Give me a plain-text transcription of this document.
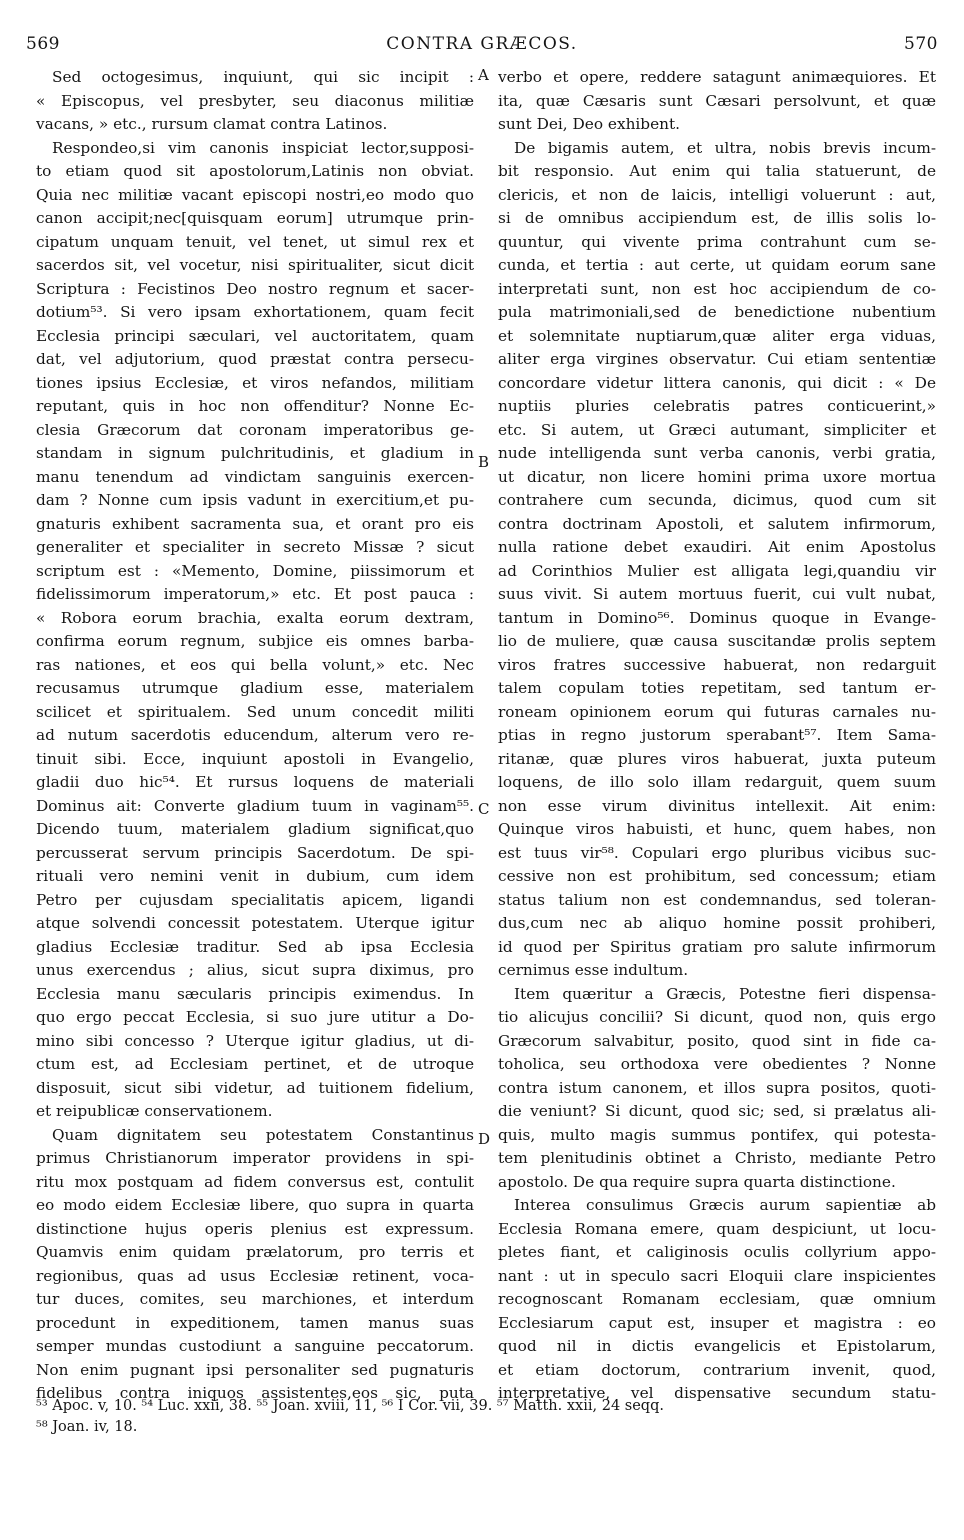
569	CONTRA GRÆCOS.	570
A
B
C
D
Sed octogesimus, inquiunt, qui sic incipit :
« Episcopus, vel presbyter, seu diaconus militiæ
vacans, » etc., rursum clamat contra Latinos.
Respondeo,si vim canonis inspiciat lector,supposi-
to etiam quod sit apostolorum,Latinis non obviat.
Quia nec militiæ vacant episcopi nostri,eo modo quo
canon accipit;nec[quisquam eorum] utrumque prin-
cipatum unquam tenuit, vel tenet, ut simul rex et
sacerdos sit, vel vocetur, nisi spiritualiter, sicut dicit
Scriptura : Fecistinos Deo nostro regnum et sacer-
dotium⁵³. Si vero ipsam exhortationem, quam fecit
Ecclesia principi sæculari, vel auctoritatem, quam
dat, vel adjutorium, quod præstat contra persecu-
tiones ipsius Ecclesiæ, et viros nefandos, militiam
reputant, quis in hoc non offenditur? Nonne Ec-
clesia Græcorum dat coronam imperatoribus ge-
standam in signum pulchritudinis, et gladium in
manu tenendum ad vindictam sanguinis exercen-
dam ? Nonne cum ipsis vadunt in exercitium,et pu-
gnaturis exhibent sacramenta sua, et orant pro eis
generaliter et specialiter in secreto Missæ ? sicut
scriptum est : «Memento, Domine, piissimorum et
fidelissimorum imperatorum,» etc. Et post pauca :
« Robora eorum brachia, exalta eorum dextram,
confirma eorum regnum, subjice eis omnes barba-
ras nationes, et eos qui bella volunt,» etc. Nec
recusamus utrumque gladium esse, materialem
scilicet et spiritualem. Sed unum concedit militi
ad nutum sacerdotis educendum, alterum vero re-
tinuit sibi. Ecce, inquiunt apostoli in Evangelio,
gladii duo hic⁵⁴. Et rursus loquens de materiali
Dominus ait: Converte gladium tuum in vaginam⁵⁵.
Dicendo tuum, materialem gladium significat,quo
percusserat servum principis Sacerdotum. De spi-
rituali vero nemini venit in dubium, cum idem
Petro per cujusdam specialitatis apicem, ligandi
atque solvendi concessit potestatem. Uterque igitur
gladius Ecclesiæ traditur. Sed ab ipsa Ecclesia
unus exercendus ; alius, sicut supra diximus, pro
Ecclesia manu sæcularis principis eximendus. In
quo ergo peccat Ecclesia, si suo jure utitur a Do-
mino sibi concesso ? Uterque igitur gladius, ut di-
ctum est, ad Ecclesiam pertinet, et de utroque
disposuit, sicut sibi videtur, ad tuitionem fidelium,
et reipublicæ conservationem.
Quam dignitatem seu potestatem Constantinus
primus Christianorum imperator providens in spi-
ritu mox postquam ad fidem conversus est, contulit
eo modo eidem Ecclesiæ libere, quo supra in quarta
distinctione hujus operis plenius est expressum.
Quamvis enim quidam prælatorum, pro terris et
regionibus, quas ad usus Ecclesiæ retinent, voca-
tur duces, comites, seu marchiones, et interdum
procedunt in expeditionem, tamen manus suas
semper mundas custodiunt a sanguine peccatorum.
Non enim pugnant ipsi personaliter sed pugnaturis
fidelibus contra iniquos assistentes,eos sic, puta
verbo et opere, reddere satagunt animæquiores. Et
ita, quæ Cæsaris sunt Cæsari persolvunt, et quæ
sunt Dei, Deo exhibent.
De bigamis autem, et ultra, nobis brevis incum-
bit responsio. Aut enim qui talia statuerunt, de
clericis, et non de laicis, intelligi voluerunt : aut,
si de omnibus accipiendum est, de illis solis lo-
quuntur, qui vivente prima contrahunt cum se-
cunda, et tertia : aut certe, ut quidam eorum sane
interpretati sunt, non est hoc accipiendum de co-
pula matrimoniali,sed de benedictione nubentium
et solemnitate nuptiarum,quæ aliter erga viduas,
aliter erga virgines observatur. Cui etiam sententiæ
concordare videtur littera canonis, qui dicit : « De
nuptiis pluries celebratis patres conticuerint,»
etc. Si autem, ut Græci autumant, simpliciter et
nude intelligenda sunt verba canonis, verbi gratia,
ut dicatur, non licere homini prima uxore mortua
contrahere cum secunda, dicimus, quod cum sit
contra doctrinam Apostoli, et salutem infirmorum,
nulla ratione debet exaudiri. Ait enim Apostolus
ad Corinthios Mulier est alligata legi,quandiu vir
suus vivit. Si autem mortuus fuerit, cui vult nubat,
tantum in Domino⁵⁶. Dominus quoque in Evange-
lio de muliere, quæ causa suscitandæ prolis septem
viros fratres successive habuerat, non redarguit
talem copulam toties repetitam, sed tantum er-
roneam opinionem eorum qui futuras carnales nu-
ptias in regno justorum sperabant⁵⁷. Item Sama-
ritanæ, quæ plures viros habuerat, juxta puteum
loquens, de illo solo illam redarguit, quem suum
non esse virum divinitus intellexit. Ait enim:
Quinque viros habuisti, et hunc, quem habes, non
est tuus vir⁵⁸. Copulari ergo pluribus vicibus suc-
cessive non est prohibitum, sed concessum; etiam
status talium non est condemnandus, sed toleran-
dus,cum nec ab aliquo homine possit prohiberi,
id quod per Spiritus gratiam pro salute infirmorum
cernimus esse indultum.
Item quæritur a Græcis, Potestne fieri dispensa-
tio alicujus concilii? Si dicunt, quod non, quis ergo
Græcorum salvabitur, posito, quod sint in fide ca-
toholica, seu orthodoxa vere obedientes ? Nonne
contra istum canonem, et illos supra positos, quoti-
die veniunt? Si dicunt, quod sic; sed, si prælatus ali-
quis, multo magis summus pontifex, qui potesta-
tem plenitudinis obtinet a Christo, mediante Petro
apostolo. De qua require supra quarta distinctione.
Interea consulimus Græcis aurum sapientiæ ab
Ecclesia Romana emere, quam despiciunt, ut locu-
pletes fiant, et caliginosis oculis collyrium appo-
nant : ut in speculo sacri Eloquii clare inspicientes
recognoscant Romanam ecclesiam, quæ omnium
Ecclesiarum caput est, insuper et magistra : eo
quod nil in dictis evangelicis et Epistolarum,
et etiam doctorum, contrarium invenit, quod,
interpretative, vel dispensative secundum statu-
⁵³ Apoc. v, 10. ⁵⁴ Luc. xxii, 38. ⁵⁵ Joan. xviii, 11, ⁵⁶ I Cor. vii, 39. ⁵⁷ Matth. xxii, 24 seqq.
⁵⁸ Joan. iv, 18.
